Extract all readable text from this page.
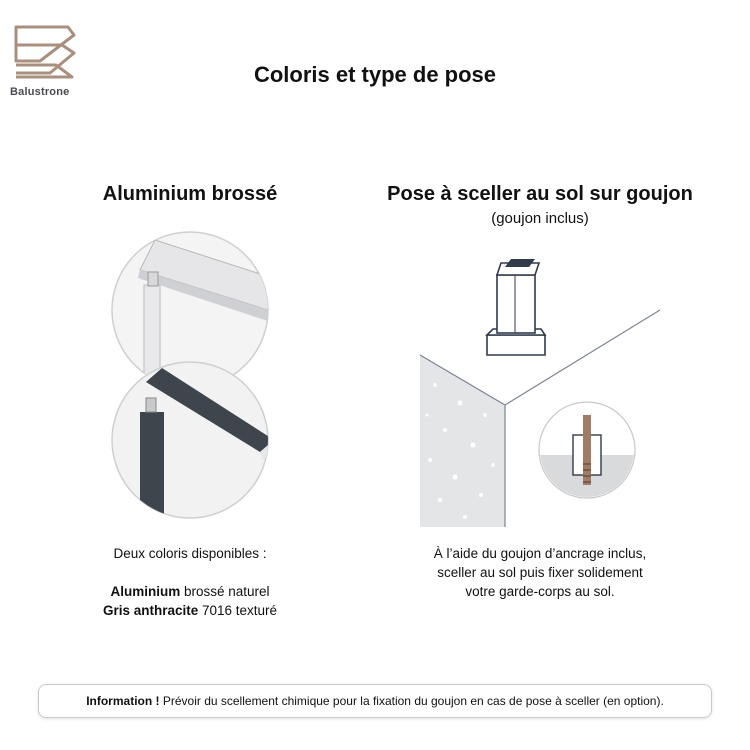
Balustrone
Coloris et type de pose
Aluminium brossé
Deux coloris disponibles :
Aluminium brossé naturel
Gris anthracite 7016 texturé
Pose à sceller au sol sur goujon
(goujon inclus)
À l’aide du goujon d’ancrage inclus,
sceller au sol puis fixer solidement
votre garde-corps au sol.
Information ! Prévoir du scellement chimique pour la fixation du goujon en cas de pose à sceller (en option).
